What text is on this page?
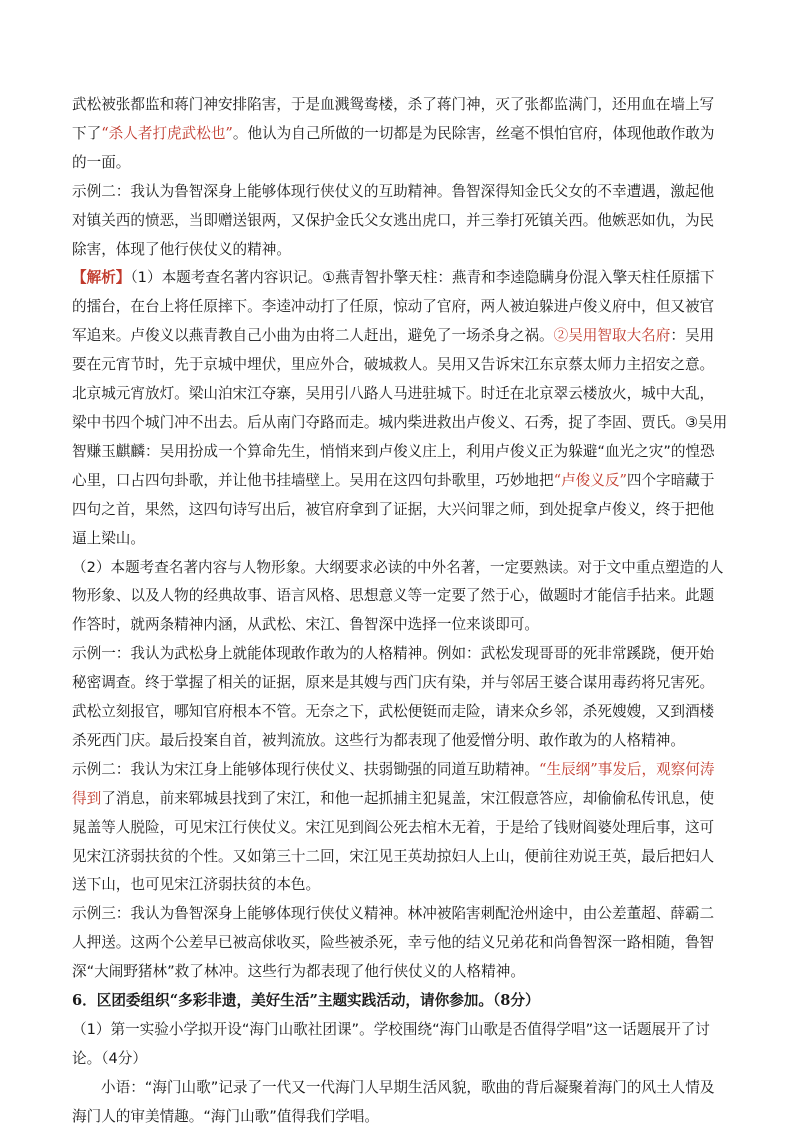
武松被张都监和蒋门神安排陷害，于是血溅鸳鸯楼，杀了蒋门神，灭了张都监满门，还用血在墙上写下了“杀人者打虎武松也”。他认为自己所做的一切都是为民除害，丝毫不惧怕官府，体现他敢作敢为的一面。

示例二：我认为鲁智深身上能够体现行侠仗义的互助精神。鲁智深得知金氏父女的不幸遭遇，激起他对镇关西的愤恶，当即赠送银两，又保护金氏父女逃出虎口，并三拳打死镇关西。他嫉恶如仇，为民除害，体现了他行侠仗义的精神。

【解析】（1）本题考查名著内容识记。①燕青智扑擎天柱：燕青和李逵隐瞒身份混入擎天柱任原擂下的擂台，在台上将任原摔下。李逵冲动打了任原，惊动了官府，两人被迫躲进卢俊义府中，但又被官军追来。卢俊义以燕青教自己小曲为由将二人赶出，避免了一场杀身之祸。②吴用智取大名府：吴用要在元宵节时，先于京城中埋伏，里应外合，破城救人。吴用又告诉宋江东京蔡太师力主招安之意。北京城元宵放灯。梁山泊宋江夺寨，吴用引八路人马进驻城下。时迁在北京翠云楼放火，城中大乱，梁中书四个城门冲不出去。后从南门夺路而走。城内柴进救出卢俊义、石秀，捉了李固、贾氏。③吴用智赚玉麒麟：吴用扮成一个算命先生，悄悄来到卢俊义庄上，利用卢俊义正为躲避“血光之灾”的惶恐心里，口占四句卦歌，并让他书挂墙壁上。吴用在这四句卦歌里，巧妙地把“卢俊义反”四个字暗藏于四句之首，果然，这四句诗写出后，被官府拿到了证据，大兴问罪之师，到处捉拿卢俊义，终于把他逼上梁山。

（2）本题考查名著内容与人物形象。大纲要求必读的中外名著，一定要熟读。对于文中重点塑造的人物形象、以及人物的经典故事、语言风格、思想意义等一定要了然于心，做题时才能信手拈来。此题作答时，就两条精神内涵，从武松、宋江、鲁智深中选择一位来谈即可。

示例一：我认为武松身上就能体现敢作敢为的人格精神。例如：武松发现哥哥的死非常蹊跷，便开始秘密调查。终于掌握了相关的证据，原来是其嫂与西门庆有染，并与邻居王婆合谋用毒药将兄害死。武松立刻报官，哪知官府根本不管。无奈之下，武松便铤而走险，请来众乡邻，杀死嫂嫂，又到酒楼杀死西门庆。最后投案自首，被判流放。这些行为都表现了他爱憎分明、敢作敢为的人格精神。

示例二：我认为宋江身上能够体现行侠仗义、扶弱锄强的同道互助精神。“生辰纲”事发后，观察何涛得到了消息，前来郓城县找到了宋江，和他一起抓捕主犯晁盖，宋江假意答应，却偷偷私传讯息，使晁盖等人脱险，可见宋江行侠仗义。宋江见到阎公死去棺木无着，于是给了钱财阎婆处理后事，这可见宋江济弱扶贫的个性。又如第三十二回，宋江见王英劫掠妇人上山，便前往劝说王英，最后把妇人送下山，也可见宋江济弱扶贫的本色。

示例三：我认为鲁智深身上能够体现行侠仗义精神。林冲被陷害刺配沧州途中，由公差董超、薛霸二人押送。这两个公差早已被高俅收买，险些被杀死，幸亏他的结义兄弟花和尚鲁智深一路相随，鲁智深“大闹野猪林”救了林冲。这些行为都表现了他行侠仗义的人格精神。

6．区团委组织“多彩非遗，美好生活”主题实践活动，请你参加。（8分）

（1）第一实验小学拟开设“海门山歌社团课”。学校围绕“海门山歌是否值得学唱”这一话题展开了讨论。（4分）

小语：“海门山歌”记录了一代又一代海门人早期生活风貌，歌曲的背后凝聚着海门的风土人情及海门人的审美情趣。“海门山歌”值得我们学唱。
